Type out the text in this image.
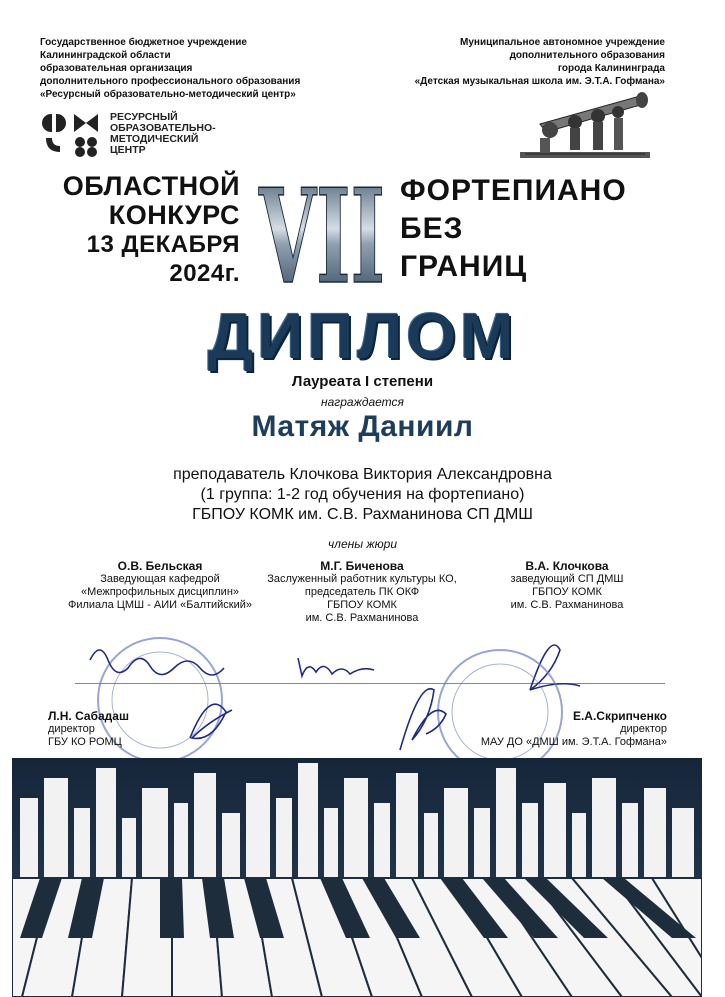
Государственное бюджетное учреждение
Калининградской области
образовательная организация
дополнительного профессионального образования
«Ресурсный образовательно-методический центр»
Муниципальное автономное учреждение
дополнительного образования
города Калининграда
«Детская музыкальная школа им. Э.Т.А. Гофмана»
РЕСУРСНЫЙ
ОБРАЗОВАТЕЛЬНО-
МЕТОДИЧЕСКИЙ
ЦЕНТР
ОБЛАСТНОЙ
КОНКУРС
13 ДЕКАБРЯ
2024г. VII ФОРТЕПИАНО
БЕЗ
ГРАНИЦ
ДИПЛОМ
Лауреата I степени
награждается
Матяж Даниил
преподаватель Клочкова Виктория Александровна
(1 группа: 1-2 год обучения на фортепиано)
ГБПОУ КОМК им. С.В. Рахманинова СП ДМШ
члены жюри
О.В. Бельская
Заведующая кафедрой
«Межпрофильных дисциплин»
Филиала ЦМШ - АИИ «Балтийский»
М.Г. Биченова
Заслуженный работник культуры КО,
председатель ПК ОКФ
ГБПОУ КОМК
им. С.В. Рахманинова
В.А. Клочкова
заведующий СП ДМШ
ГБПОУ КОМК
им. С.В. Рахманинова
Л.Н. Сабадаш
директор
ГБУ КО РОМЦ
Е.А.Скрипченко
директор
МАУ ДО «ДМШ им. Э.Т.А. Гофмана»
